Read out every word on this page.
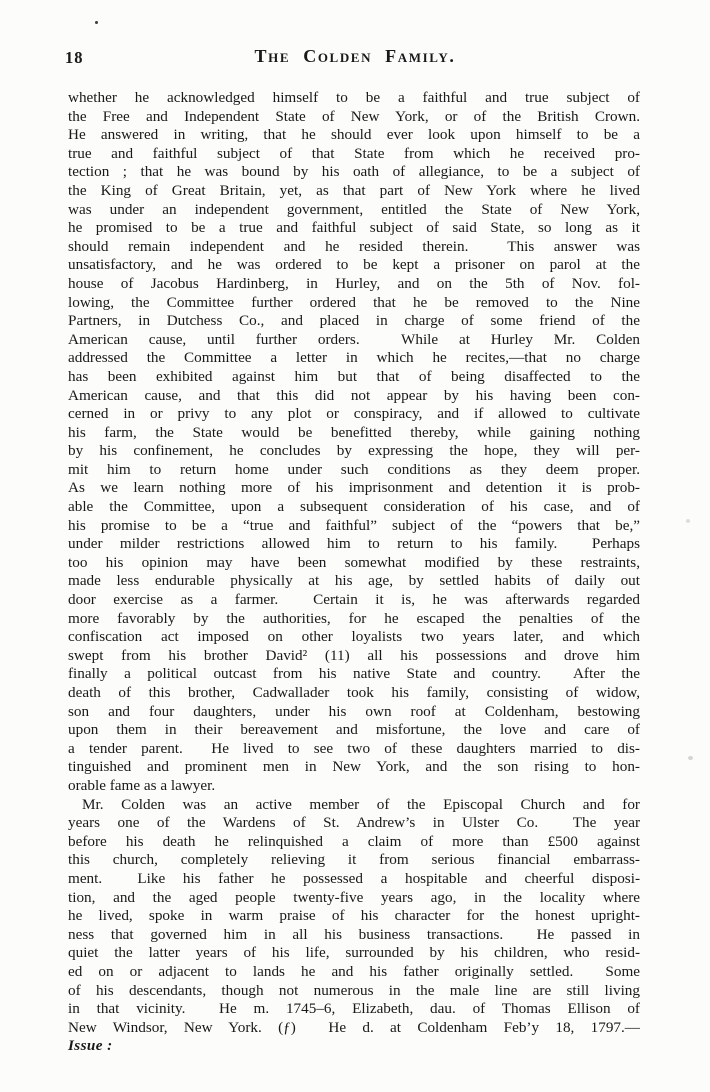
18	The Colden Family.
whether he acknowledged himself to be a faithful and true subject of
the Free and Independent State of New York, or of the British Crown.
He answered in writing, that he should ever look upon himself to be a
true and faithful subject of that State from which he received pro-
tection ; that he was bound by his oath of allegiance, to be a subject of
the King of Great Britain, yet, as that part of New York where he lived
was under an independent government, entitled the State of New York,
he promised to be a true and faithful subject of said State, so long as it
should remain independent and he resided therein.  This answer was
unsatisfactory, and he was ordered to be kept a prisoner on parol at the
house of Jacobus Hardinberg, in Hurley, and on the 5th of Nov. fol-
lowing, the Committee further ordered that he be removed to the Nine
Partners, in Dutchess Co., and placed in charge of some friend of the
American cause, until further orders.  While at Hurley Mr. Colden
addressed the Committee a letter in which he recites,—that no charge
has been exhibited against him but that of being disaffected to the
American cause, and that this did not appear by his having been con-
cerned in or privy to any plot or conspiracy, and if allowed to cultivate
his farm, the State would be benefitted thereby, while gaining nothing
by his confinement, he concludes by expressing the hope, they will per-
mit him to return home under such conditions as they deem proper.
As we learn nothing more of his imprisonment and detention it is prob-
able the Committee, upon a subsequent consideration of his case, and of
his promise to be a “true and faithful” subject of the “powers that be,”
under milder restrictions allowed him to return to his family.  Perhaps
too his opinion may have been somewhat modified by these restraints,
made less endurable physically at his age, by settled habits of daily out
door exercise as a farmer.  Certain it is, he was afterwards regarded
more favorably by the authorities, for he escaped the penalties of the
confiscation act imposed on other loyalists two years later, and which
swept from his brother David² (11) all his possessions and drove him
finally a political outcast from his native State and country.  After the
death of this brother, Cadwallader took his family, consisting of widow,
son and four daughters, under his own roof at Coldenham, bestowing
upon them in their bereavement and misfortune, the love and care of
a tender parent.  He lived to see two of these daughters married to dis-
tinguished and prominent men in New York, and the son rising to hon-
orable fame as a lawyer.
Mr. Colden was an active member of the Episcopal Church and for
years one of the Wardens of St. Andrew’s in Ulster Co.  The year
before his death he relinquished a claim of more than £500 against
this church, completely relieving it from serious financial embarrass-
ment.  Like his father he possessed a hospitable and cheerful disposi-
tion, and the aged people twenty-five years ago, in the locality where
he lived, spoke in warm praise of his character for the honest upright-
ness that governed him in all his business transactions.  He passed in
quiet the latter years of his life, surrounded by his children, who resid-
ed on or adjacent to lands he and his father originally settled.  Some
of his descendants, though not numerous in the male line are still living
in that vicinity.  He m. 1745–6, Elizabeth, dau. of Thomas Ellison of
New Windsor, New York. (ƒ)  He d. at Coldenham Feb’y 18, 1797.—
Issue :
